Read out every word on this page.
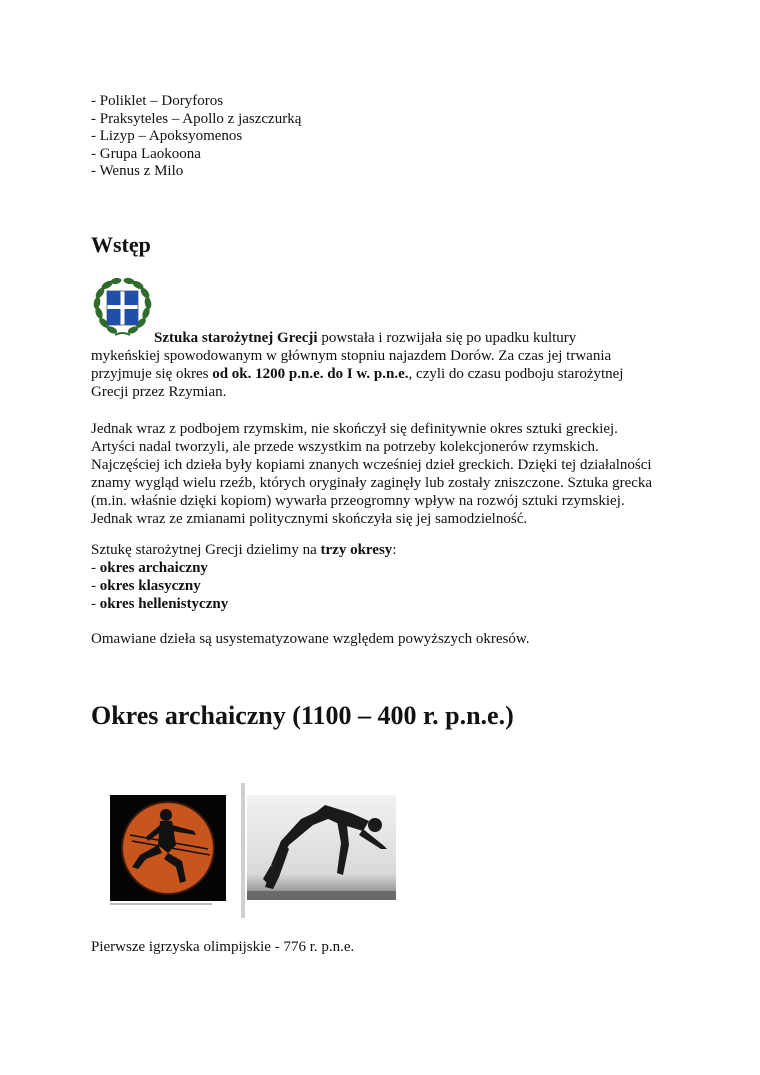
- Poliklet – Doryforos
- Praksyteles – Apollo z jaszczurką
- Lizyp – Apoksyomenos
- Grupa Laokoona
- Wenus z Milo
Wstęp
Sztuka starożytnej Grecji powstała i rozwijała się po upadku kultury
mykeńskiej spowodowanym w głównym stopniu najazdem Dorów. Za czas jej trwania
przyjmuje się okres od ok. 1200 p.n.e. do I w. p.n.e., czyli do czasu podboju starożytnej
Grecji przez Rzymian.
Jednak wraz z podbojem rzymskim, nie skończył się definitywnie okres sztuki greckiej.
Artyści nadal tworzyli, ale przede wszystkim na potrzeby kolekcjonerów rzymskich.
Najczęściej ich dzieła były kopiami znanych wcześniej dzieł greckich. Dzięki tej działalności
znamy wygląd wielu rzeźb, których oryginały zaginęły lub zostały zniszczone. Sztuka grecka
(m.in. właśnie dzięki kopiom) wywarła przeogromny wpływ na rozwój sztuki rzymskiej.
Jednak wraz ze zmianami politycznymi skończyła się jej samodzielność.
Sztukę starożytnej Grecji dzielimy na trzy okresy:
- okres archaiczny
- okres klasyczny
- okres hellenistyczny

Omawiane dzieła są usystematyzowane względem powyższych okresów.

Okres archaiczny (1100 – 400 r. p.n.e.)
Pierwsze igrzyska olimpijskie - 776 r. p.n.e.
